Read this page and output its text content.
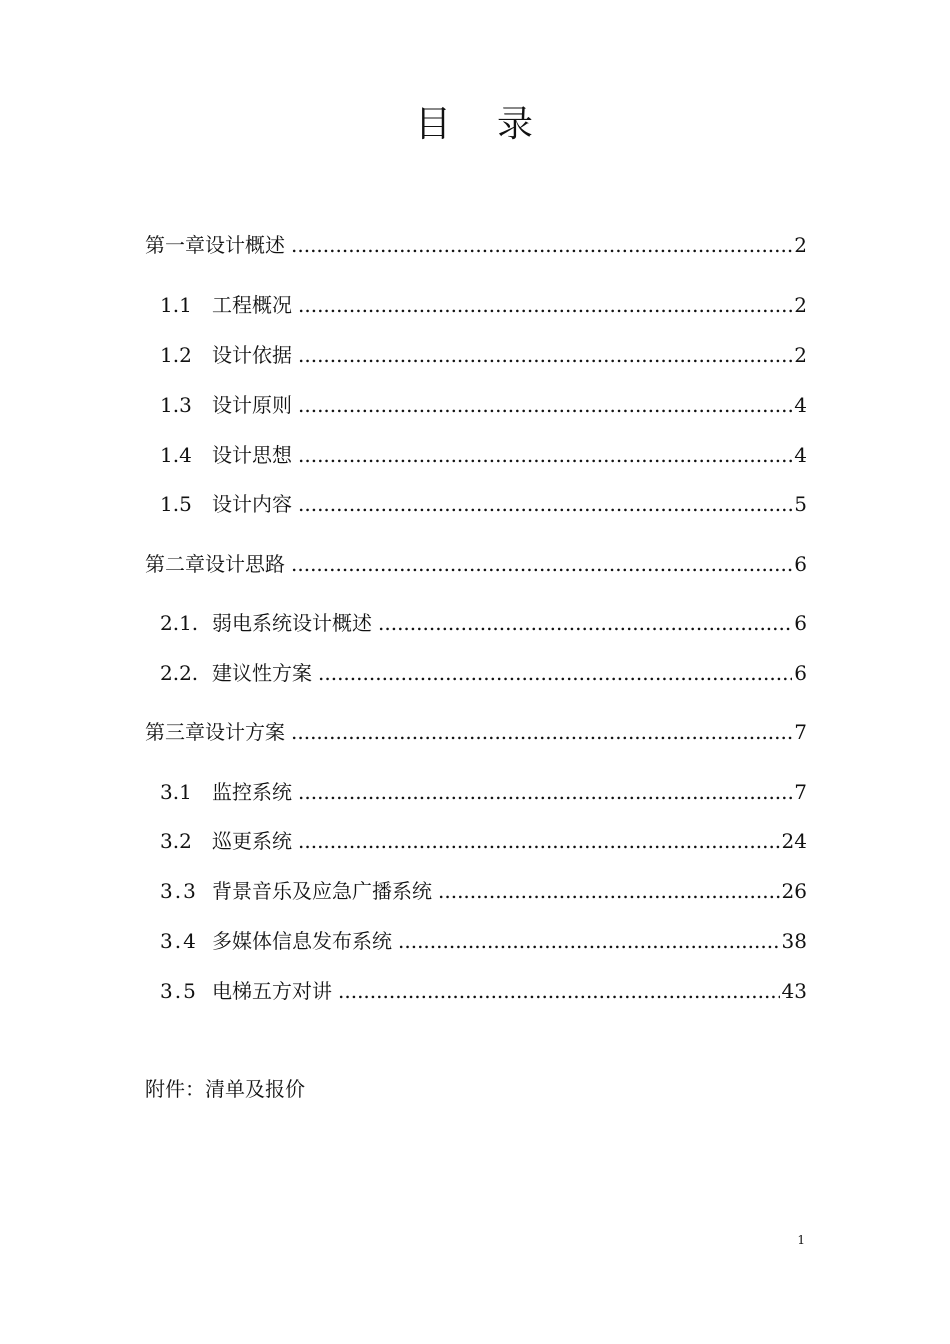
目 录
第一章设计概述 .....	2
1.1	工程概况 .....	2
1.2	设计依据 .....	2
1.3	设计原则 .....	4
1.4	设计思想 .....	4
1.5	设计内容 .....	5
第二章设计思路 .....	6
2.1. 弱电系统设计概述 .....	6
2.2. 建议性方案 .....	6
第三章设计方案 .....	7
3.1	监控系统 .....	7
3.2	巡更系统 .....	24
3.3 背景音乐及应急广播系统 .....	26
3.4 多媒体信息发布系统 .....	38
3.5 电梯五方对讲 .....	43
附件：清单及报价
1
